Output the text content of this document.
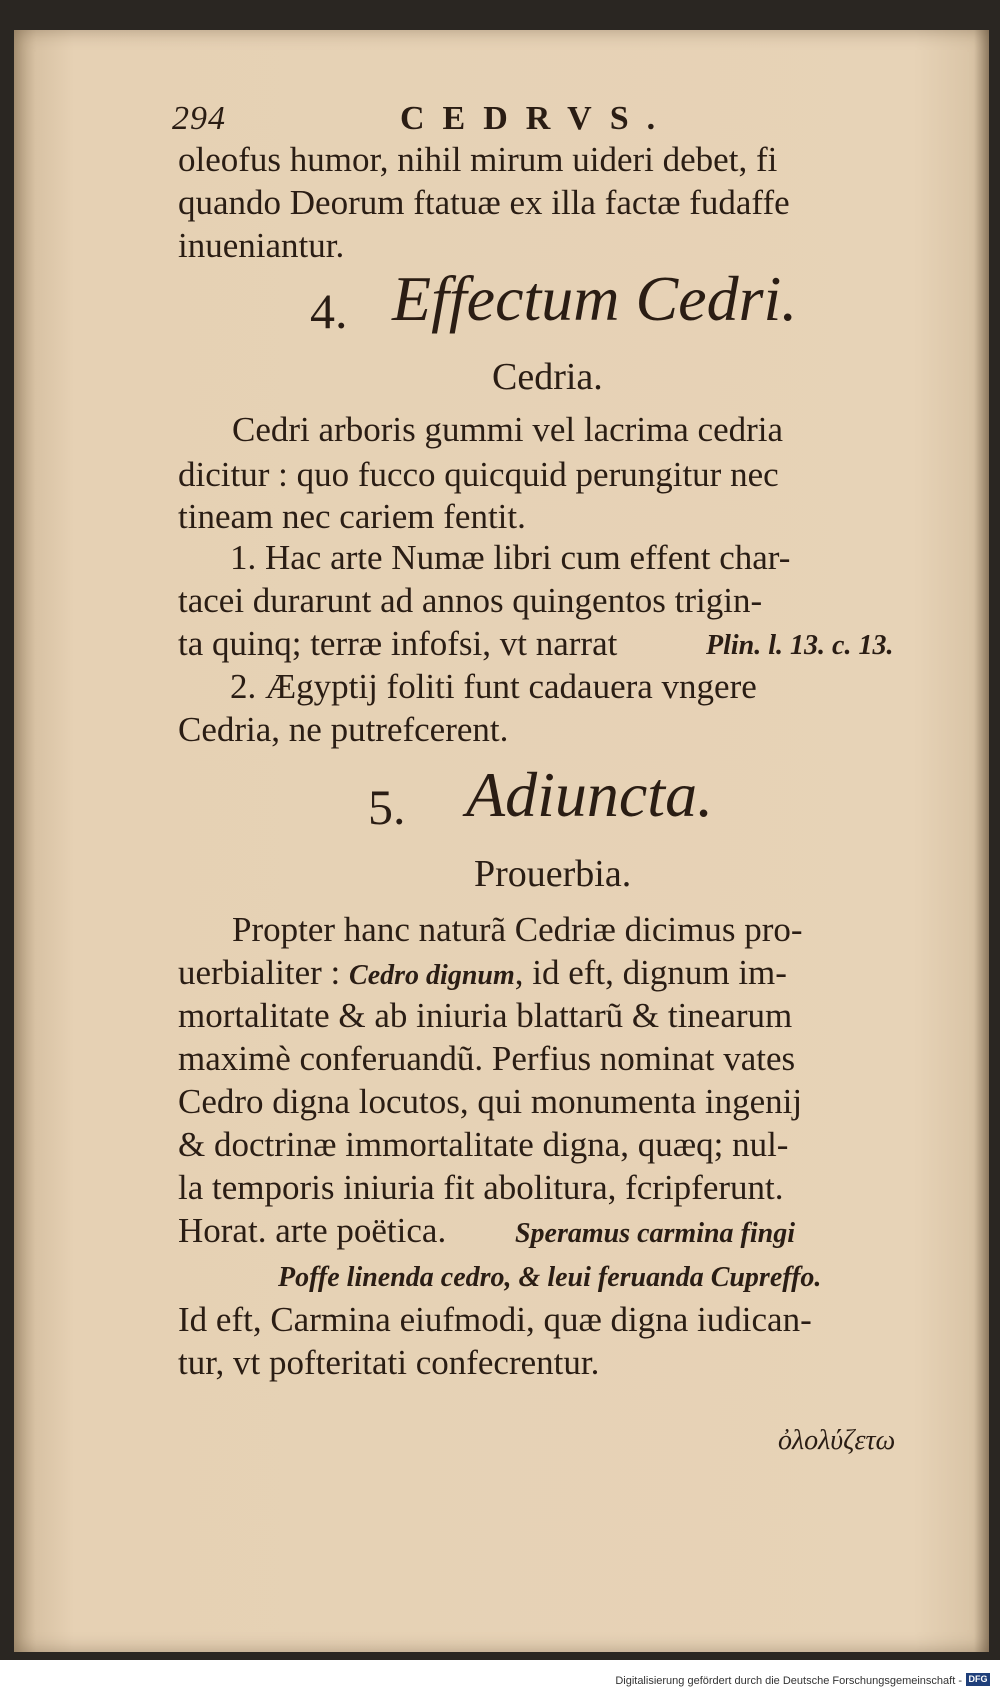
294	CEDRVS.
oleofus humor, nihil mirum uideri debet, fi
quando Deorum ftatuæ ex illa factæ fudaffe
inueniantur.
4. Effectum Cedri.
Cedria.
Cedri arboris gummi vel lacrima cedria
dicitur : quo fucco quicquid perungitur nec
tineam nec cariem fentit.
1. Hac arte Numæ libri cum effent char-
tacei durarunt ad annos quingentos trigin-
ta quinq; terræ infofsi, vt narrat	Plin. l. 13. c. 13.
2. Ægyptij foliti funt cadauera vngere
Cedria, ne putrefcerent.
5. Adiuncta.
Prouerbia.
Propter hanc naturã Cedriæ dicimus pro-
uerbialiter : Cedro dignum, id eft, dignum im-
mortalitate & ab iniuria blattarũ & tinearum
maximè conferuandũ. Perfius nominat vates
Cedro digna locutos, qui monumenta ingenij
& doctrinæ immortalitate digna, quæq; nul-
la temporis iniuria fit abolitura, fcripferunt.
Horat. arte poëtica. Speramus carmina fingi
Poffe linenda cedro, & leui feruanda Cupreffo.
Id eft, Carmina eiufmodi, quæ digna iudican-
tur, vt pofteritati confecrentur.
ὀλολύζετω
Digitalisierung gefördert durch die Deutsche Forschungsgemeinschaft - DFG
